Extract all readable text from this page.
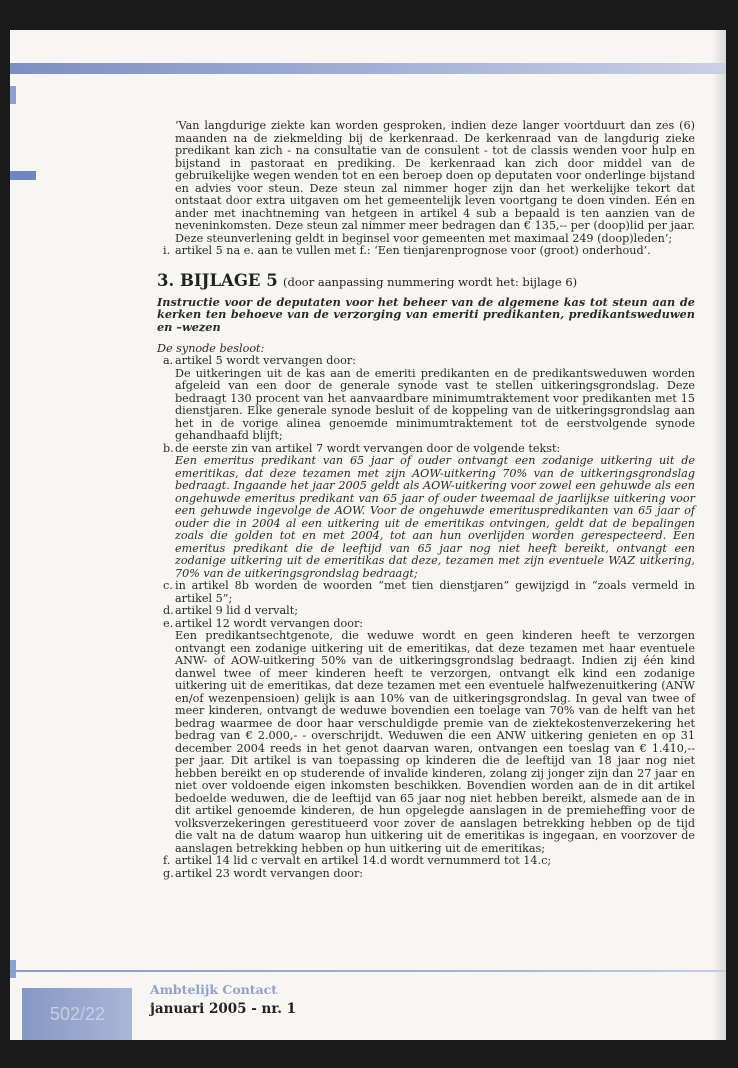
‘Van langdurige ziekte kan worden gesproken, indien deze langer voortduurt dan zes (6) maanden na de ziekmelding bij de kerkenraad. De kerkenraad van de langdurig zieke predikant kan zich - na consultatie van de consulent - tot de classis wenden voor hulp en bijstand in pastoraat en prediking. De kerkenraad kan zich door middel van de gebruikelijke wegen wenden tot en een beroep doen op deputaten voor onderlinge bijstand en advies voor steun. Deze steun zal nimmer hoger zijn dan het werkelijke tekort dat ontstaat door extra uitgaven om het gemeentelijk leven voortgang te doen vinden. Eén en ander met inachtneming van hetgeen in artikel 4 sub a bepaald is ten aanzien van de neveninkomsten. Deze steun zal nimmer meer bedragen dan € 135,-- per (doop)lid per jaar. Deze steunverlening geldt in beginsel voor gemeenten met maximaal 249 (doop)leden’;

i. artikel 5 na e. aan te vullen met f.: ‘Een tienjarenprognose voor (groot) onderhoud’.
3. BIJLAGE 5 (door aanpassing nummering wordt het: bijlage 6)

Instructie voor de deputaten voor het beheer van de algemene kas tot steun aan de kerken ten behoeve van de verzorging van emeriti predikanten, predikantsweduwen en –wezen

De synode besloot:

a. artikel 5 wordt vervangen door:
De uitkeringen uit de kas aan de emeriti predikanten en de predikantsweduwen worden afgeleid van een door de generale synode vast te stellen uitkeringsgrondslag. Deze bedraagt 130 procent van het aanvaardbare minimumtraktement voor predikanten met 15 dienstjaren. Elke generale synode besluit of de koppeling van de uitkeringsgrondslag aan het in de vorige alinea genoemde minimumtraktement tot de eerstvolgende synode gehandhaafd blijft;
b. de eerste zin van artikel 7 wordt vervangen door de volgende tekst:
Een emeritus predikant van 65 jaar of ouder ontvangt een zodanige uitkering uit de emeritikas, dat deze tezamen met zijn AOW-uitkering 70% van de uitkeringsgrondslag bedraagt. Ingaande het jaar 2005 geldt als AOW-uitkering voor zowel een gehuwde als een ongehuwde emeritus predikant van 65 jaar of ouder tweemaal de jaarlijkse uitkering voor een gehuwde ingevolge de AOW. Voor de ongehuwde emerituspredikanten van 65 jaar of ouder die in 2004 al een uitkering uit de emeritikas ontvingen, geldt dat de bepalingen zoals die golden tot en met 2004, tot aan hun overlijden worden gerespecteerd. Een emeritus predikant die de leeftijd van 65 jaar nog niet heeft bereikt, ontvangt een zodanige uitkering uit de emeritikas dat deze, tezamen met zijn eventuele WAZ uitkering, 70% van de uitkeringsgrondslag bedraagt;
c. in artikel 8b worden de woorden “met tien dienstjaren” gewijzigd in “zoals vermeld in artikel 5”;
d. artikel 9 lid d vervalt;
e. artikel 12 wordt vervangen door:
Een predikantsechtgenote, die weduwe wordt en geen kinderen heeft te verzorgen ontvangt een zodanige uitkering uit de emeritikas, dat deze tezamen met haar eventuele ANW- of AOW-uitkering 50% van de uitkeringsgrondslag bedraagt. Indien zij één kind danwel twee of meer kinderen heeft te verzorgen, ontvangt elk kind een zodanige uitkering uit de emeritikas, dat deze tezamen met een eventuele halfwezenuitkering (ANW en/of wezenpensioen) gelijk is aan 10% van de uitkeringsgrondslag. In geval van twee of meer kinderen, ontvangt de weduwe bovendien een toelage van 70% van de helft van het bedrag waarmee de door haar verschuldigde premie van de ziektekostenverzekering het bedrag van € 2.000,- - overschrijdt. Weduwen die een ANW uitkering genieten en op 31 december 2004 reeds in het genot daarvan waren, ontvangen een toeslag van € 1.410,-- per jaar. Dit artikel is van toepassing op kinderen die de leeftijd van 18 jaar nog niet hebben bereikt en op studerende of invalide kinderen, zolang zij jonger zijn dan 27 jaar en niet over voldoende eigen inkomsten beschikken. Bovendien worden aan de in dit artikel bedoelde weduwen, die de leeftijd van 65 jaar nog niet hebben bereikt, alsmede aan de in dit artikel genoemde kinderen, de hun opgelegde aanslagen in de premieheffing voor de volksverzekeringen gerestitueerd voor zover de aanslagen betrekking hebben op de tijd die valt na de datum waarop hun uitkering uit de emeritikas is ingegaan, en voorzover de aanslagen betrekking hebben op hun uitkering uit de emeritikas;
f. artikel 14 lid c vervalt en artikel 14.d wordt vernummerd tot 14.c;
g. artikel 23 wordt vervangen door:
502/22
Ambtelijk Contact
januari 2005 - nr. 1
